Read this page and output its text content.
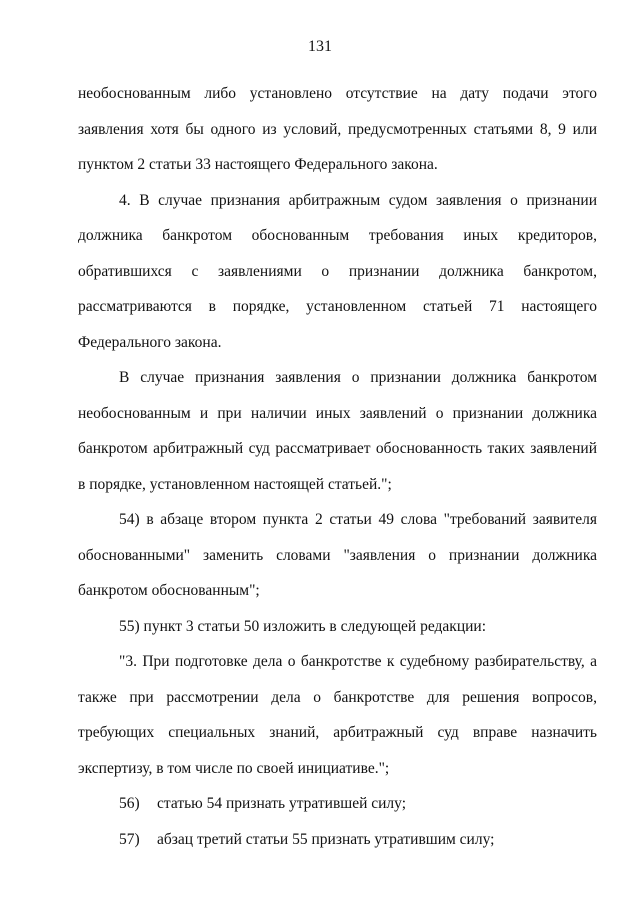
131

необоснованным либо установлено отсутствие на дату подачи этого заявления хотя бы одного из условий, предусмотренных статьями 8, 9 или пунктом 2 статьи 33 настоящего Федерального закона.

4. В случае признания арбитражным судом заявления о признании должника банкротом обоснованным требования иных кредиторов, обратившихся с заявлениями о признании должника банкротом, рассматриваются в порядке, установленном статьей 71 настоящего Федерального закона.

В случае признания заявления о признании должника банкротом необоснованным и при наличии иных заявлений о признании должника банкротом арбитражный суд рассматривает обоснованность таких заявлений в порядке, установленном настоящей статьей.";

54) в абзаце втором пункта 2 статьи 49 слова "требований заявителя обоснованными" заменить словами "заявления о признании должника банкротом обоснованным";

55) пункт 3 статьи 50 изложить в следующей редакции:

"3. При подготовке дела о банкротстве к судебному разбирательству, а также при рассмотрении дела о банкротстве для решения вопросов, требующих специальных знаний, арбитражный суд вправе назначить экспертизу, в том числе по своей инициативе.";

56) статью 54 признать утратившей силу;

57) абзац третий статьи 55 признать утратившим силу;
